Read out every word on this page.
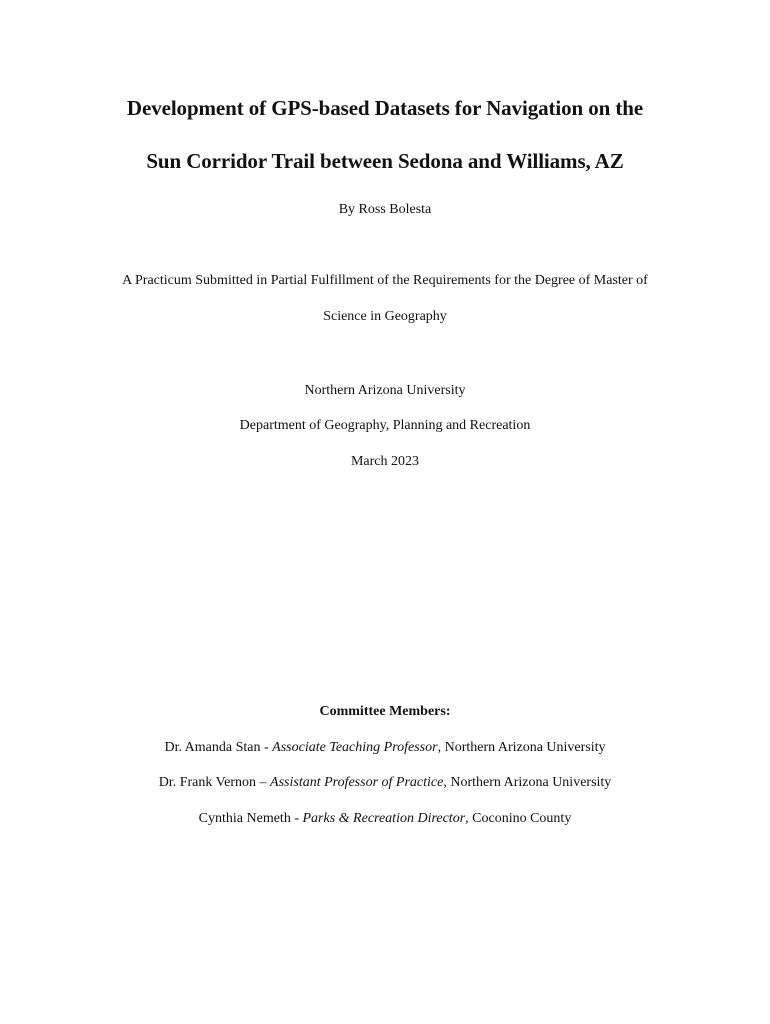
Development of GPS-based Datasets for Navigation on the
Sun Corridor Trail between Sedona and Williams, AZ
By Ross Bolesta
A Practicum Submitted in Partial Fulfillment of the Requirements for the Degree of Master of
Science in Geography
Northern Arizona University
Department of Geography, Planning and Recreation
March 2023
Committee Members:
Dr. Amanda Stan - Associate Teaching Professor, Northern Arizona University
Dr. Frank Vernon – Assistant Professor of Practice, Northern Arizona University
Cynthia Nemeth - Parks & Recreation Director, Coconino County
